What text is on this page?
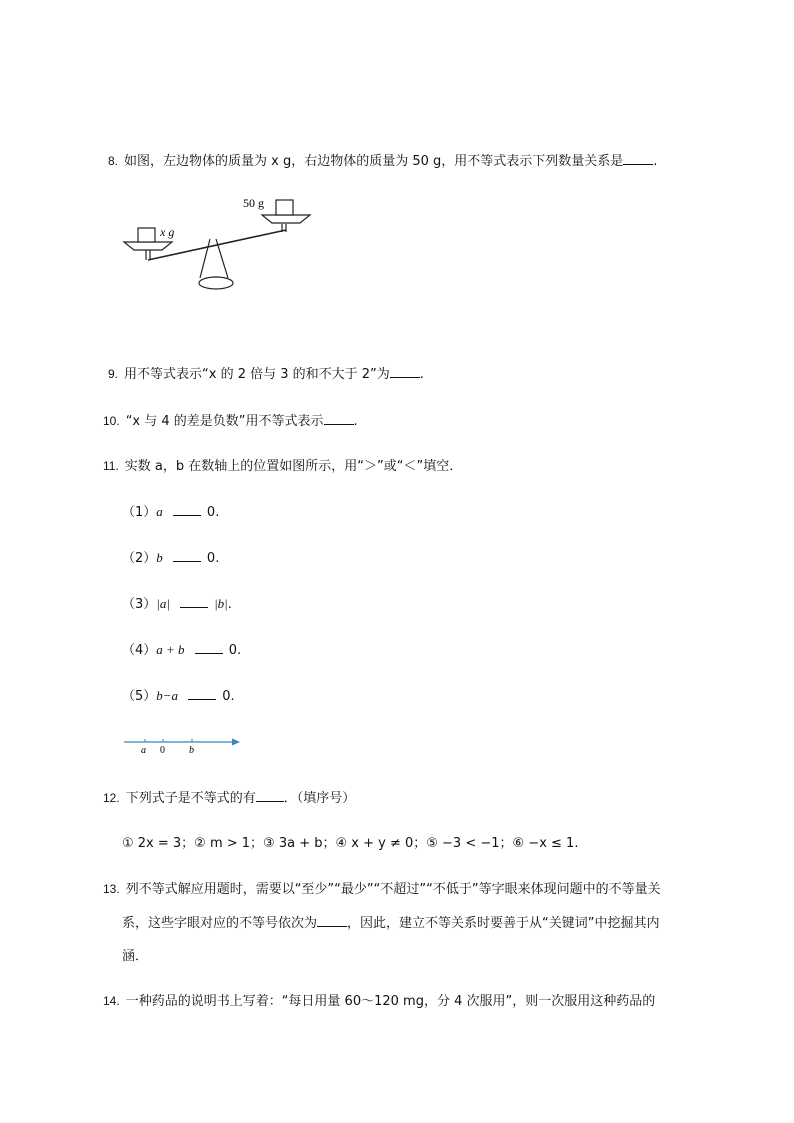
8. 如图，左边物体的质量为 x g，右边物体的质量为 50 g，用不等式表示下列数量关系是 .
x g
50 g
9. 用不等式表示“x 的 2 倍与 3 的和不大于 2”为 .
10. “x 与 4 的差是负数”用不等式表示 .
11. 实数 a，b 在数轴上的位置如图所示，用“＞”或“＜”填空．
（1）a	0.
（2）b	0.
（3）|a|	|b|.
（4）a + b	0.
（5）b−a	0.
a 0 b
12. 下列式子是不等式的有 ．（填序号）
① 2x = 3；② m > 1；③ 3a + b；④ x + y ≠ 0；⑤ −3 < −1；⑥ −x ≤ 1.
13. 列不等式解应用题时，需要以“至少”“最少”“不超过”“不低于”等字眼来体现问题中的不等量关
系，这些字眼对应的不等号依次为 ，因此，建立不等关系时要善于从“关键词”中挖掘其内
涵．
14. 一种药品的说明书上写着：“每日用量 60～120 mg，分 4 次服用”，则一次服用这种药品的
